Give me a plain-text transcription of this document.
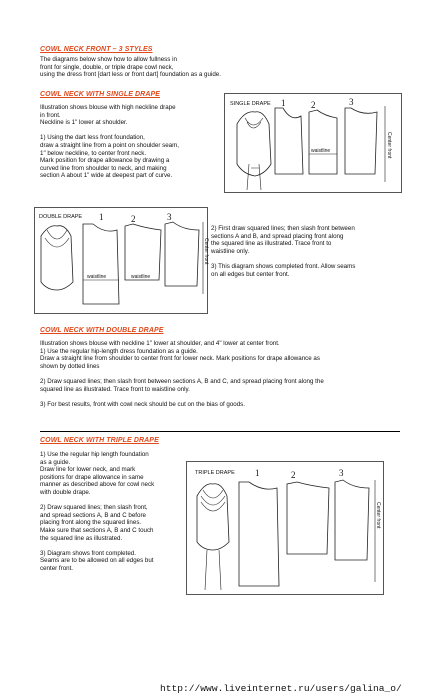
COWL NECK FRONT – 3 STYLES
The diagrams below show how to allow fullness in
front for single, double, or triple drape cowl neck,
using the dress front [dart less or front dart] foundation as a guide.
COWL NECK WITH SINGLE DRAPE
Illustration shows blouse with high neckline drape
in front.
Neckline is 1" lower at shoulder.

1) Using the dart less front foundation,
draw a straight line from a point on shoulder seam,
1" below neckline, to center front neck.
Mark position for drape allowance by drawing a
curved line from shoulder to neck, and making
section A about 1" wide at deepest part of curve.
SINGLE DRAPE 1	2	3
Center front
waistline
DOUBLE DRAPE 1	2	3
Center front
waistline	waistline
2) First draw squared lines; then slash front between
sections A and B, and spread placing front along
the squared line as illustrated. Trace front to
waistline only.

3) This diagram shows completed front. Allow seams
on all edges but center front.
COWL NECK WITH DOUBLE DRAPE
Illustration shows blouse with neckline 1" lower at shoulder, and 4" lower at center front.
1) Use the regular hip-length dress foundation as a guide.
Draw a straight line from shoulder to center front for lower neck. Mark positions for drape allowance as
shown by dotted lines

2) Draw squared lines; then slash front between sections A, B and C, and spread placing front along the
squared line as illustrated. Trace front to waistline only.

3) For best results, front with cowl neck should be cut on the bias of goods.
COWL NECK WITH TRIPLE DRAPE
1) Use the regular hip length foundation
as a guide.
Draw line for lower neck, and mark
positions for drape allowance in same
manner as described above for cowl neck
with double drape.

2) Draw squared lines; then slash front,
and spread sections A, B and C before
placing front along the squared lines.
Make sure that sections A, B and C touch
the squared line as illustrated.

3) Diagram shows front completed.
Seams are to be allowed on all edges but
center front.
TRIPLE DRAPE 1	2	3
Center front
http://www.liveinternet.ru/users/galina_o/
